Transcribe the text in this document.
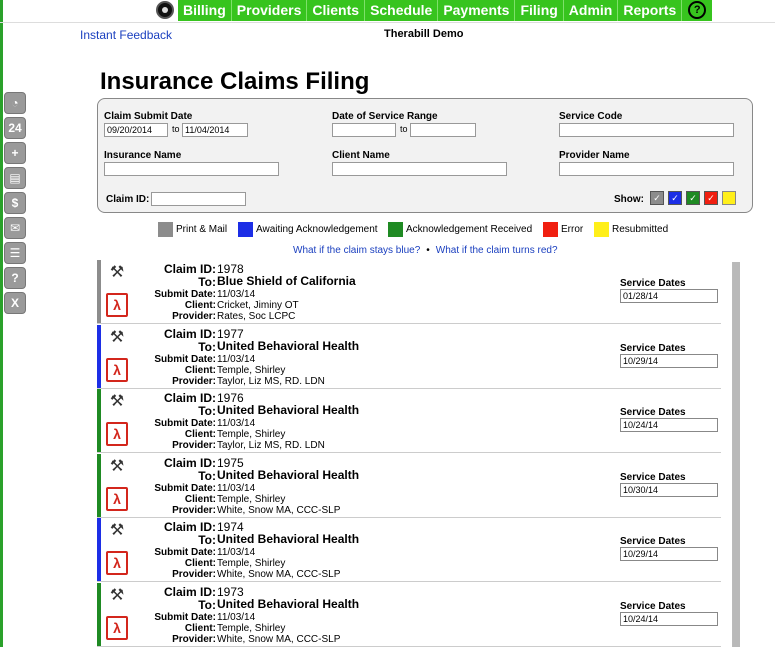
Billing Providers Clients Schedule Payments Filing Admin Reports	?
Instant Feedback	Therabill Demo
◔
24
+
▤
$
✉
☰
?
X
Insurance Claims Filing
Claim Submit Date
09/20/2014	to 11/04/2014
Date of Service Range
to
Service Code
Insurance Name	Client Name	Provider Name
Claim ID:	Show:	✓	✓	✓	✓
Print & Mail	Awaiting Acknowledgement	Acknowledgement Received	Error	Resubmitted
What if the claim stays blue? • What if the claim turns red?
⚒
λ
Claim ID: 1978
To: Blue Shield of California
Submit Date: 11/03/14
Client: Cricket, Jiminy OT
Provider: Rates, Soc LCPC
Service Dates
01/28/14
⚒
λ
Claim ID: 1977
To: United Behavioral Health
Submit Date: 11/03/14
Client: Temple, Shirley
Provider: Taylor, Liz MS, RD. LDN
Service Dates
10/29/14
⚒
λ
Claim ID: 1976
To: United Behavioral Health
Submit Date: 11/03/14
Client: Temple, Shirley
Provider: Taylor, Liz MS, RD. LDN
Service Dates
10/24/14
⚒
λ
Claim ID: 1975
To: United Behavioral Health
Submit Date: 11/03/14
Client: Temple, Shirley
Provider: White, Snow MA, CCC-SLP
Service Dates
10/30/14
⚒
λ
Claim ID: 1974
To: United Behavioral Health
Submit Date: 11/03/14
Client: Temple, Shirley
Provider: White, Snow MA, CCC-SLP
Service Dates
10/29/14
⚒
λ
Claim ID: 1973
To: United Behavioral Health
Submit Date: 11/03/14
Client: Temple, Shirley
Provider: White, Snow MA, CCC-SLP
Service Dates
10/24/14
